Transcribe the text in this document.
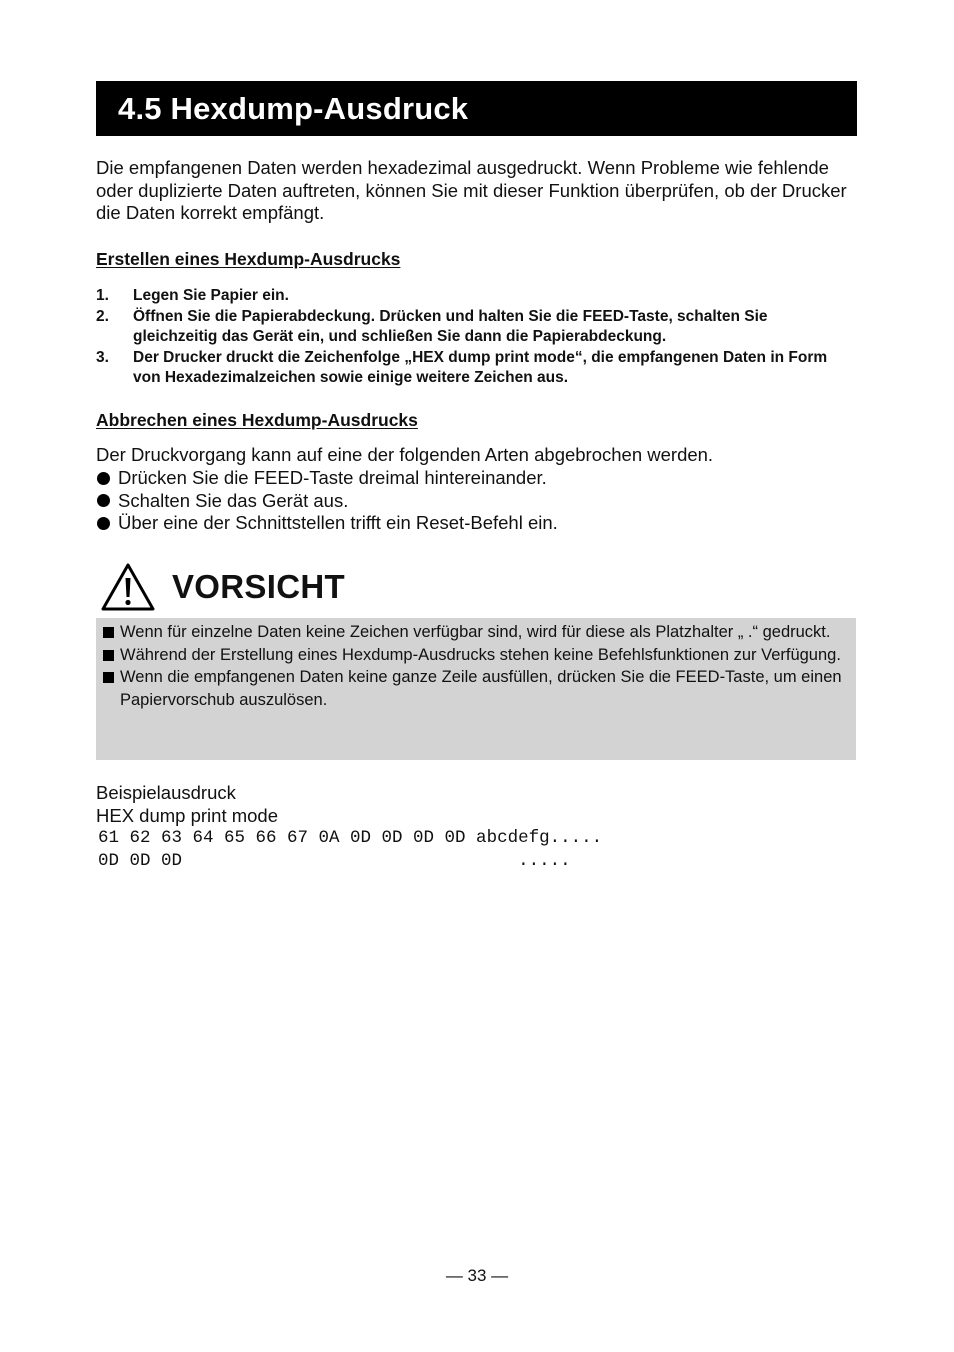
4.5 Hexdump-Ausdruck
Die empfangenen Daten werden hexadezimal ausgedruckt. Wenn Probleme wie fehlende oder duplizierte Daten auftreten, können Sie mit dieser Funktion überprüfen, ob der Drucker die Daten korrekt empfängt.
Erstellen eines Hexdump-Ausdrucks
1.	Legen Sie Papier ein.
2.	Öffnen Sie die Papierabdeckung. Drücken und halten Sie die FEED-Taste, schalten Sie gleichzeitig das Gerät ein, und schließen Sie dann die Papierabdeckung.
3.	Der Drucker druckt die Zeichenfolge „HEX dump print mode“, die empfangenen Daten in Form von Hexadezimalzeichen sowie einige weitere Zeichen aus.
Abbrechen eines Hexdump-Ausdrucks
Der Druckvorgang kann auf eine der folgenden Arten abgebrochen werden.
Drücken Sie die FEED-Taste dreimal hintereinander.
Schalten Sie das Gerät aus.
Über eine der Schnittstellen trifft ein Reset-Befehl ein.
VORSICHT
Wenn für einzelne Daten keine Zeichen verfügbar sind, wird für diese als Platzhalter „ .“ gedruckt.
Während der Erstellung eines Hexdump-Ausdrucks stehen keine Befehlsfunktionen zur Verfügung.
Wenn die empfangenen Daten keine ganze Zeile ausfüllen, drücken Sie die FEED-Taste, um einen Papiervorschub auszulösen.
Beispielausdruck
HEX dump print mode
61 62 63 64 65 66 67 0A 0D 0D 0D 0D abcdefg.....
0D 0D 0D                                .....
— 33 —
